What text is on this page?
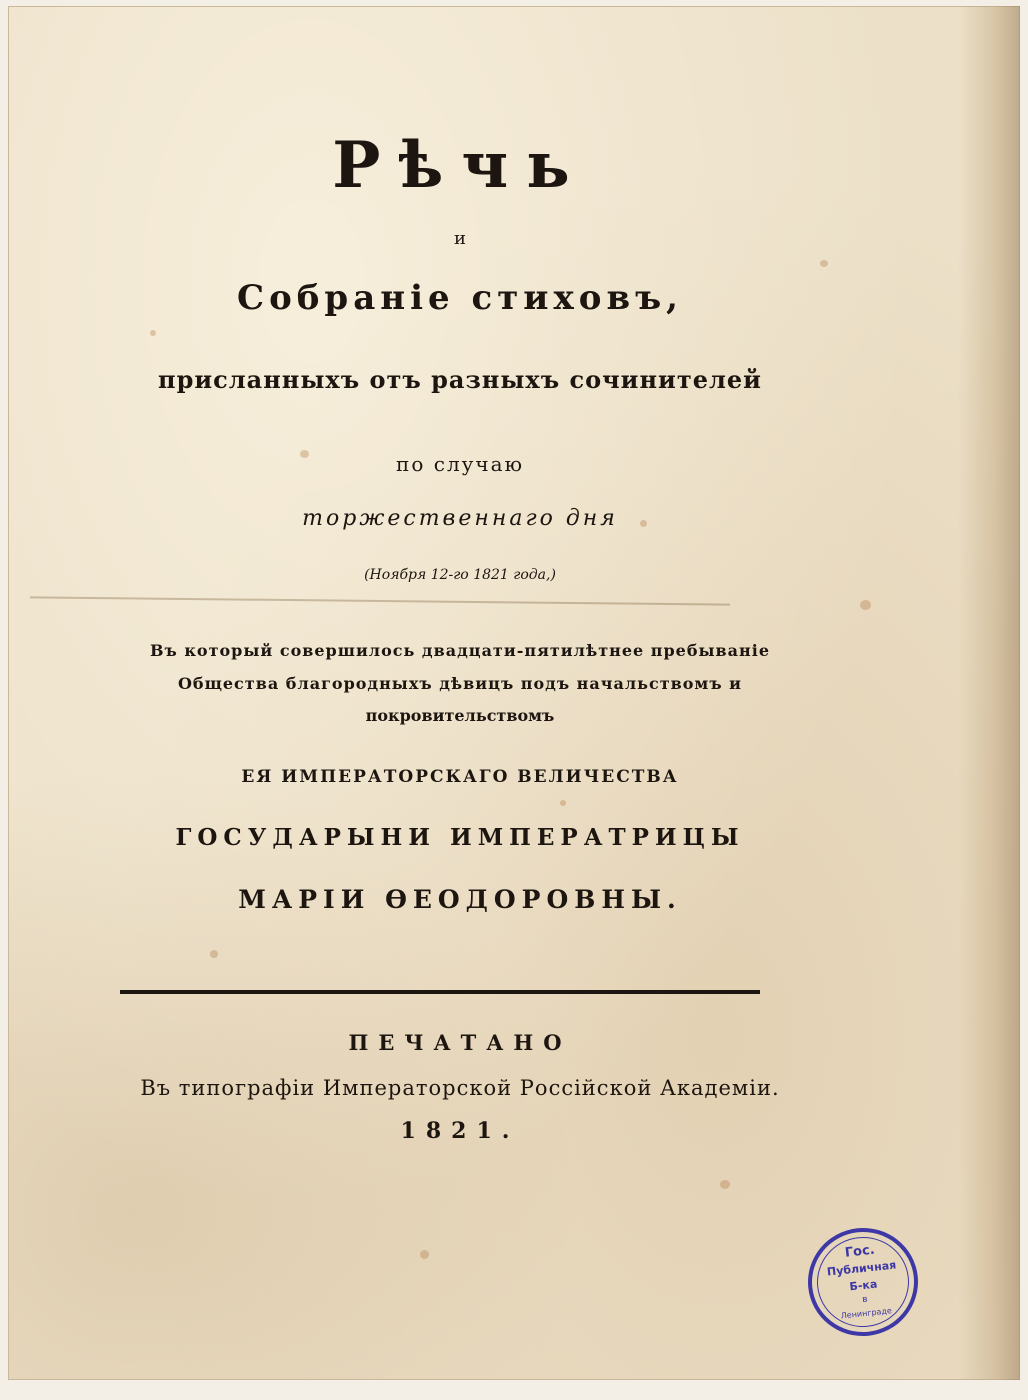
Рѣчь
и
Собраніе стиховъ,
присланныхъ отъ разныхъ сочинителей
по случаю
торжественнаго дня
(Ноября 12-го 1821 года,)
Въ который совершилось двадцати-пятилѣтнее пребываніе
Общества благородныхъ дѣвицъ подъ начальствомъ и
покровительствомъ
ЕЯ ИМПЕРАТОРСКАГО ВЕЛИЧЕСТВА
ГОСУДАРЫНИ ИМПЕРАТРИЦЫ
МАРІИ ѲЕОДОРОВНЫ.
ПЕЧАТАНО
Въ типографіи Императорской Россійской Академіи.
1821.
Гос.
Публичная
Б-ка
в
Ленинграде
